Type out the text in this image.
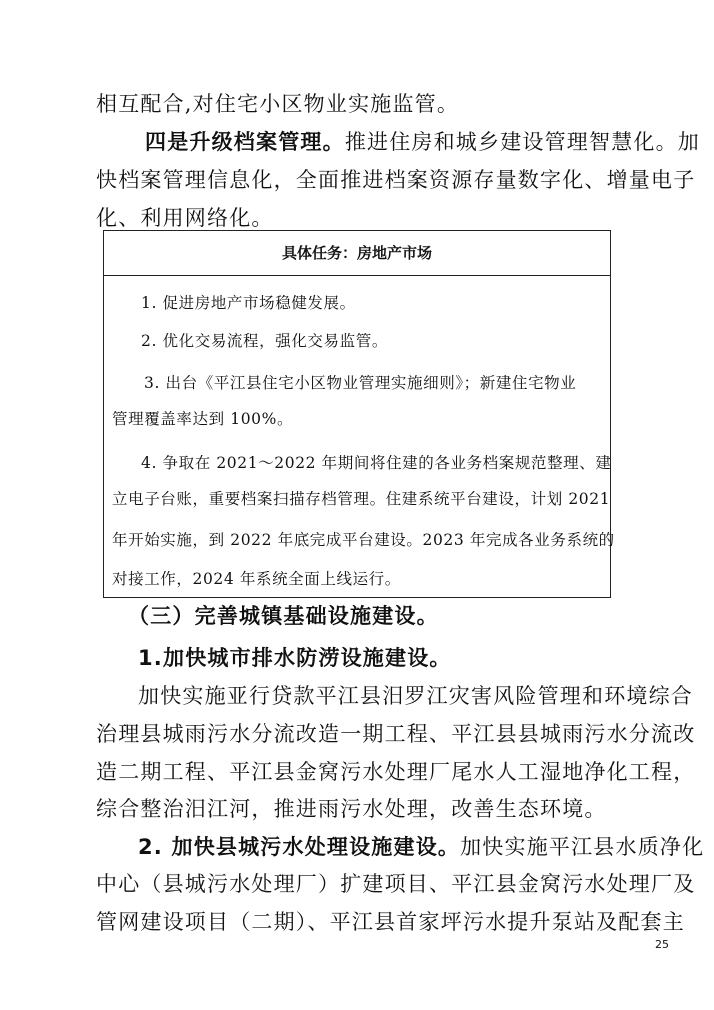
相互配合,对住宅小区物业实施监管。
四是升级档案管理。推进住房和城乡建设管理智慧化。加
快档案管理信息化，全面推进档案资源存量数字化、增量电子
化、利用网络化。
具体任务：房地产市场
1. 促进房地产市场稳健发展。
2. 优化交易流程，强化交易监管。
3. 出台《平江县住宅小区物业管理实施细则》；新建住宅物业
管理覆盖率达到 100%。
4. 争取在 2021～2022 年期间将住建的各业务档案规范整理、建
立电子台账，重要档案扫描存档管理。住建系统平台建设，计划 2021
年开始实施，到 2022 年底完成平台建设。2023 年完成各业务系统的
对接工作，2024 年系统全面上线运行。
（三）完善城镇基础设施建设。
1.加快城市排水防涝设施建设。
加快实施亚行贷款平江县汨罗江灾害风险管理和环境综合
治理县城雨污水分流改造一期工程、平江县县城雨污水分流改
造二期工程、平江县金窝污水处理厂尾水人工湿地净化工程，
综合整治汨江河，推进雨污水处理，改善生态环境。
2. 加快县城污水处理设施建设。加快实施平江县水质净化
中心（县城污水处理厂）扩建项目、平江县金窝污水处理厂及
管网建设项目（二期）、平江县首家坪污水提升泵站及配套主
25
